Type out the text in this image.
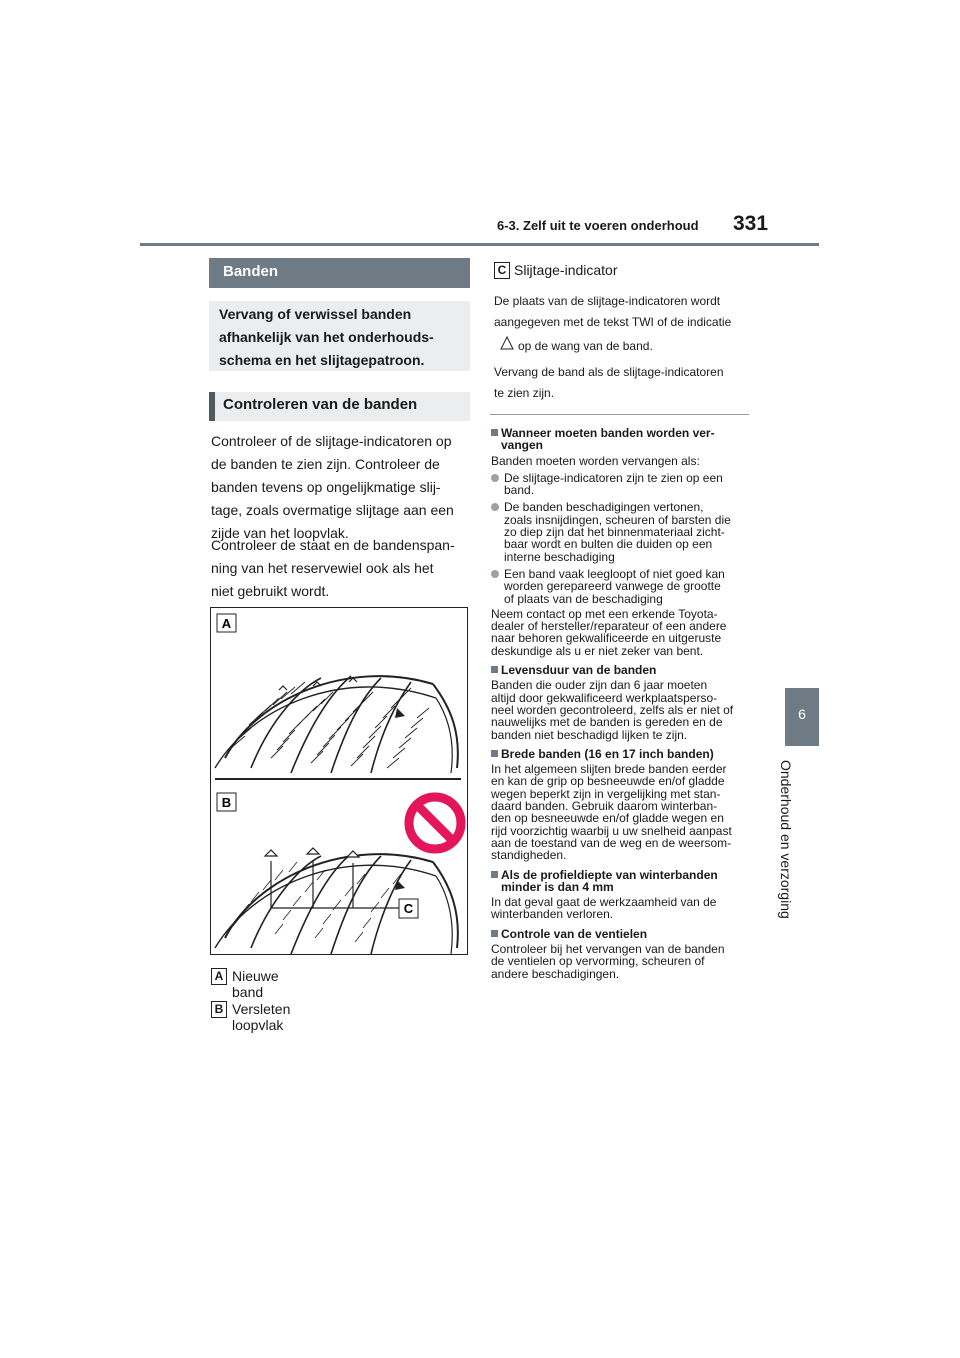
6-3. Zelf uit te voeren onderhoud 331
6
Onderhoud en verzorging
Banden
Vervang of verwissel banden
afhankelijk van het onderhouds-
schema en het slijtagepatroon.
Controleren van de banden
Controleer of de slijtage-indicatoren op
de banden te zien zijn. Controleer de
banden tevens op ongelijkmatige slij-
tage, zoals overmatige slijtage aan een
zijde van het loopvlak.
Controleer de staat en de bandenspan-
ning van het reservewiel ook als het
niet gebruikt wordt.
A
B
C
A Nieuwe band
B Versleten loopvlak
C Slijtage-indicator
De plaats van de slijtage-indicatoren wordt
aangegeven met de tekst TWI of de indicatie
op de wang van de band.
Vervang de band als de slijtage-indicatoren
te zien zijn.
Wanneer moeten banden worden ver-
vangen
Banden moeten worden vervangen als:
De slijtage-indicatoren zijn te zien op een
band.
De banden beschadigingen vertonen,
zoals insnijdingen, scheuren of barsten die
zo diep zijn dat het binnenmateriaal zicht-
baar wordt en bulten die duiden op een
interne beschadiging
Een band vaak leegloopt of niet goed kan
worden gerepareerd vanwege de grootte
of plaats van de beschadiging
Neem contact op met een erkende Toyota-
dealer of hersteller/reparateur of een andere
naar behoren gekwalificeerde en uitgeruste
deskundige als u er niet zeker van bent.
Levensduur van de banden
Banden die ouder zijn dan 6 jaar moeten
altijd door gekwalificeerd werkplaatsperso-
neel worden gecontroleerd, zelfs als er niet of
nauwelijks met de banden is gereden en de
banden niet beschadigd lijken te zijn.
Brede banden (16 en 17 inch banden)
In het algemeen slijten brede banden eerder
en kan de grip op besneeuwde en/of gladde
wegen beperkt zijn in vergelijking met stan-
daard banden. Gebruik daarom winterban-
den op besneeuwde en/of gladde wegen en
rijd voorzichtig waarbij u uw snelheid aanpast
aan de toestand van de weg en de weersom-
standigheden.
Als de profieldiepte van winterbanden
minder is dan 4 mm
In dat geval gaat de werkzaamheid van de
winterbanden verloren.
Controle van de ventielen
Controleer bij het vervangen van de banden
de ventielen op vervorming, scheuren of
andere beschadigingen.
